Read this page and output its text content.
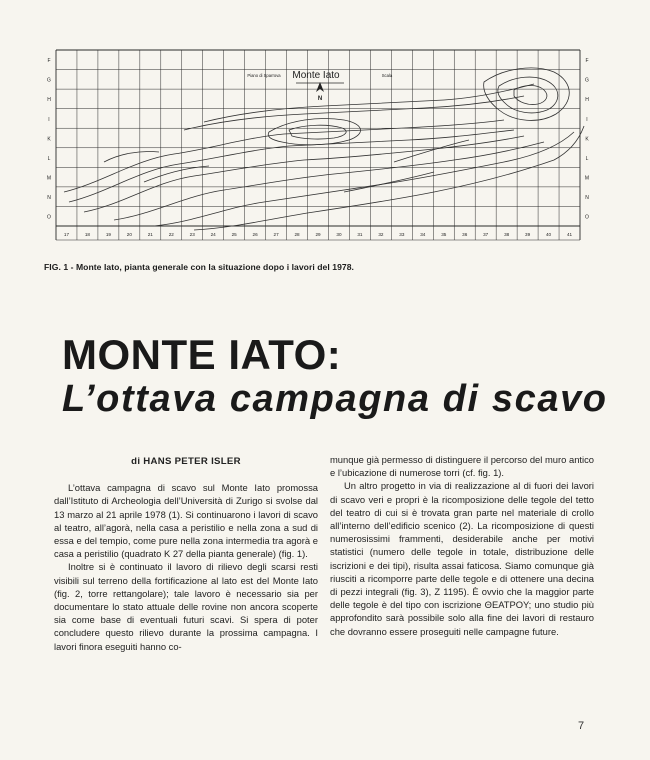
F	F
G	G
H	H
I	I
K	K
L	L
M	M
N	N
O	O
17	18	19	20	21	22	23	24	25	26	27	28	29	30	31	32	33	34	35	36	37	38	39	40	41
Monte Iato
Piano di Sparrova	Scala
N
FIG. 1 - Monte Iato, pianta generale con la situazione dopo i lavori del 1978.
MONTE IATO:
L’ottava campagna di scavo
di HANS PETER ISLER

L’ottava campagna di scavo sul Monte Iato promossa dall’Istituto di Archeologia dell’Università di Zurigo si svolse dal 13 marzo al 21 aprile 1978 (1). Si continuarono i lavori di scavo al teatro, all’agorà, nella casa a peristilio e nella zona a sud di essa e del tempio, come pure nella zona intermedia tra agorà e casa a peristilio (quadrato K 27 della pianta generale) (fig. 1).

Inoltre si è continuato il lavoro di rilievo degli scarsi resti visibili sul terreno della fortificazione al lato est del Monte Iato (fig. 2, torre rettangolare); tale lavoro è necessario sia per documentare lo stato attuale delle rovine non ancora scoperte sia come base di eventuali futuri scavi. Si spera di poter concludere questo rilievo durante la prossima campagna. I lavori finora eseguiti hanno co-

munque già permesso di distinguere il percorso del muro antico e l’ubicazione di numerose torri (cf. fig. 1).

Un altro progetto in via di realizzazione al di fuori dei lavori di scavo veri e propri è la ricomposizione delle tegole del tetto del teatro di cui si è trovata gran parte nel materiale di crollo all’interno dell’edificio scenico (2). La ricomposizione di questi numerosissimi frammenti, desiderabile anche per motivi statistici (numero delle tegole in totale, distribuzione delle iscrizioni e dei tipi), risulta assai faticosa. Siamo comunque già riusciti a ricomporre parte delle tegole e di ottenere una decina di pezzi integrali (fig. 3), Z 1195). È ovvio che la maggior parte delle tegole è del tipo con iscrizione ΘEATPOY; uno studio più approfondito sarà possibile solo alla fine dei lavori di restauro che dovranno essere proseguiti nelle campagne future.

7
